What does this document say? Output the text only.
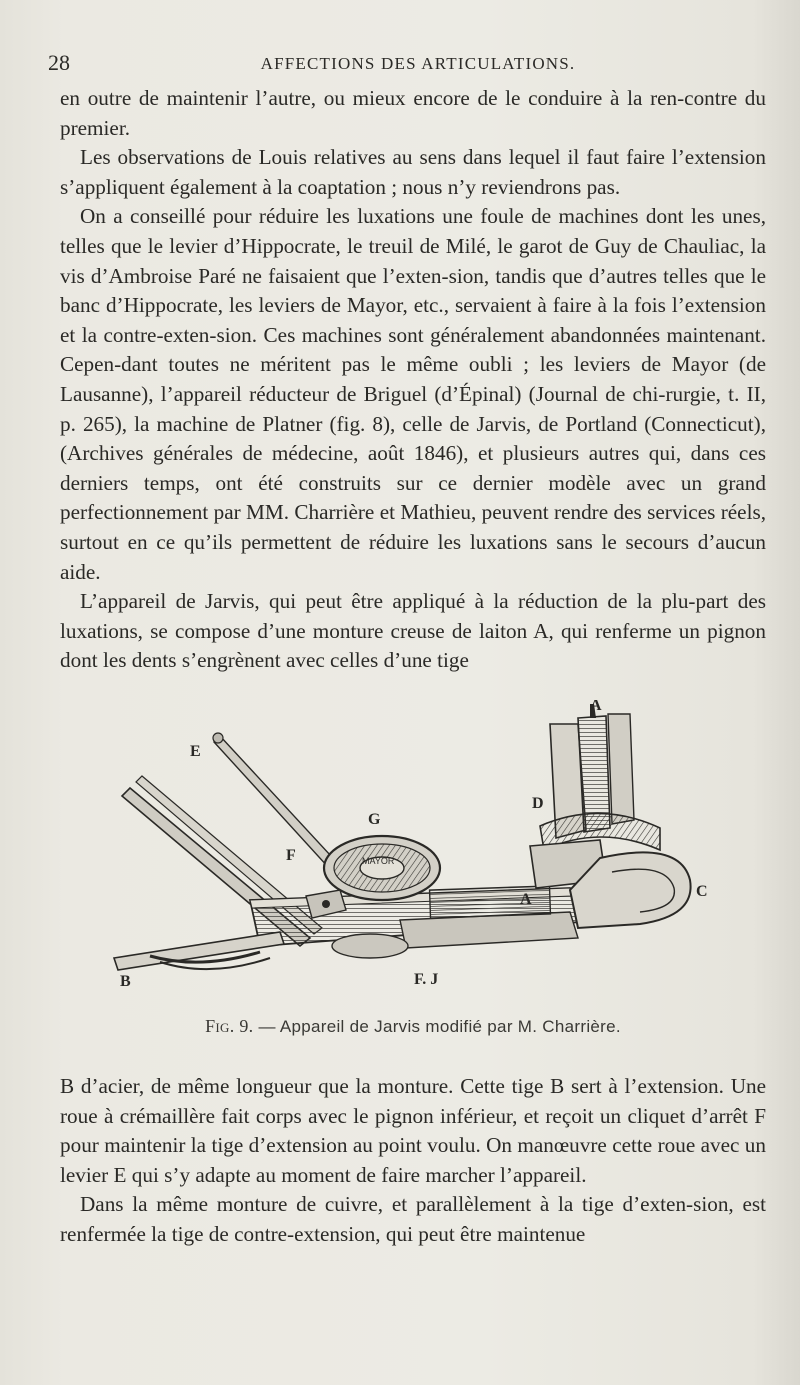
28	AFFECTIONS DES ARTICULATIONS.

en outre de maintenir l’autre, ou mieux encore de le conduire à la ren-contre du premier.

Les observations de Louis relatives au sens dans lequel il faut faire l’extension s’appliquent également à la coaptation ; nous n’y reviendrons pas.

On a conseillé pour réduire les luxations une foule de machines dont les unes, telles que le levier d’Hippocrate, le treuil de Milé, le garot de Guy de Chauliac, la vis d’Ambroise Paré ne faisaient que l’exten-sion, tandis que d’autres telles que le banc d’Hippocrate, les leviers de Mayor, etc., servaient à faire à la fois l’extension et la contre-exten-sion. Ces machines sont généralement abandonnées maintenant. Cepen-dant toutes ne méritent pas le même oubli ; les leviers de Mayor (de Lausanne), l’appareil réducteur de Briguel (d’Épinal) (Journal de chi-rurgie, t. II, p. 265), la machine de Platner (fig. 8), celle de Jarvis, de Portland (Connecticut), (Archives générales de médecine, août 1846), et plusieurs autres qui, dans ces derniers temps, ont été construits sur ce dernier modèle avec un grand perfectionnement par MM. Charrière et Mathieu, peuvent rendre des services réels, surtout en ce qu’ils permettent de réduire les luxations sans le secours d’aucun aide.

L’appareil de Jarvis, qui peut être appliqué à la réduction de la plu-part des luxations, se compose d’une monture creuse de laiton A, qui renferme un pignon dont les dents s’engrènent avec celles d’une tige

MAYOR
E
G
F
B
A
A
D
C
F. J
Fig. 9. — Appareil de Jarvis modifié par M. Charrière.

B d’acier, de même longueur que la monture. Cette tige B sert à l’extension. Une roue à crémaillère fait corps avec le pignon inférieur, et reçoit un cliquet d’arrêt F pour maintenir la tige d’extension au point voulu. On manœuvre cette roue avec un levier E qui s’y adapte au moment de faire marcher l’appareil.

Dans la même monture de cuivre, et parallèlement à la tige d’exten-sion, est renfermée la tige de contre-extension, qui peut être maintenue
